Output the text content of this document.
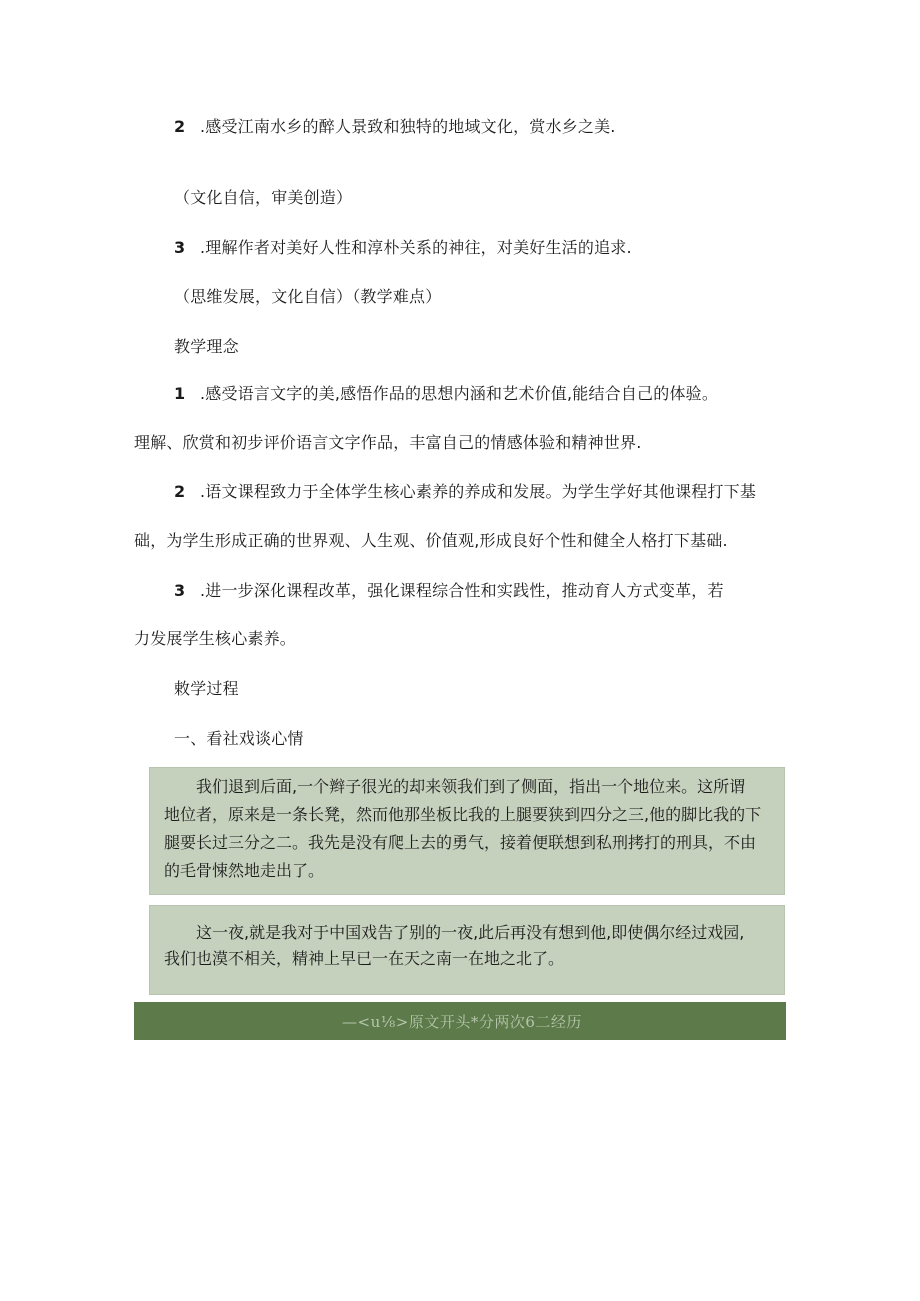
2 .感受江南水乡的醉人景致和独特的地域文化，赏水乡之美.
（文化自信，审美创造）
3 .理解作者对美好人性和淳朴关系的神往，对美好生活的追求.
（思维发展，文化自信）（教学难点）
教学理念
1 .感受语言文字的美,感悟作品的思想内涵和艺术价值,能结合自己的体验。
理解、欣赏和初步评价语言文字作品，丰富自己的情感体验和精神世界.
2 .语文课程致力于全体学生核心素养的养成和发展。为学生学好其他课程打下基
础，为学生形成正确的世界观、人生观、价值观,形成良好个性和健全人格打下基础.
3 .进一步深化课程改革，强化课程综合性和实践性，推动育人方式变革，若
力发展学生核心素养。
敕学过程
一、看社戏谈心情
我们退到后面,一个辫子很光的却来领我们到了侧面，指出一个地位来。这所谓
地位者，原来是一条长凳，然而他那坐板比我的上腿要狭到四分之三,他的脚比我的下
腿要长过三分之二。我先是没有爬上去的勇气，接着便联想到私刑拷打的刑具，不由
的毛骨悚然地走出了。
这一夜,就是我对于中国戏告了别的一夜,此后再没有想到他,即使偶尔经过戏园,
我们也漠不相关，精神上早已一在天之南一在地之北了。
—<u⅛>原文开头*分两次6二经历
